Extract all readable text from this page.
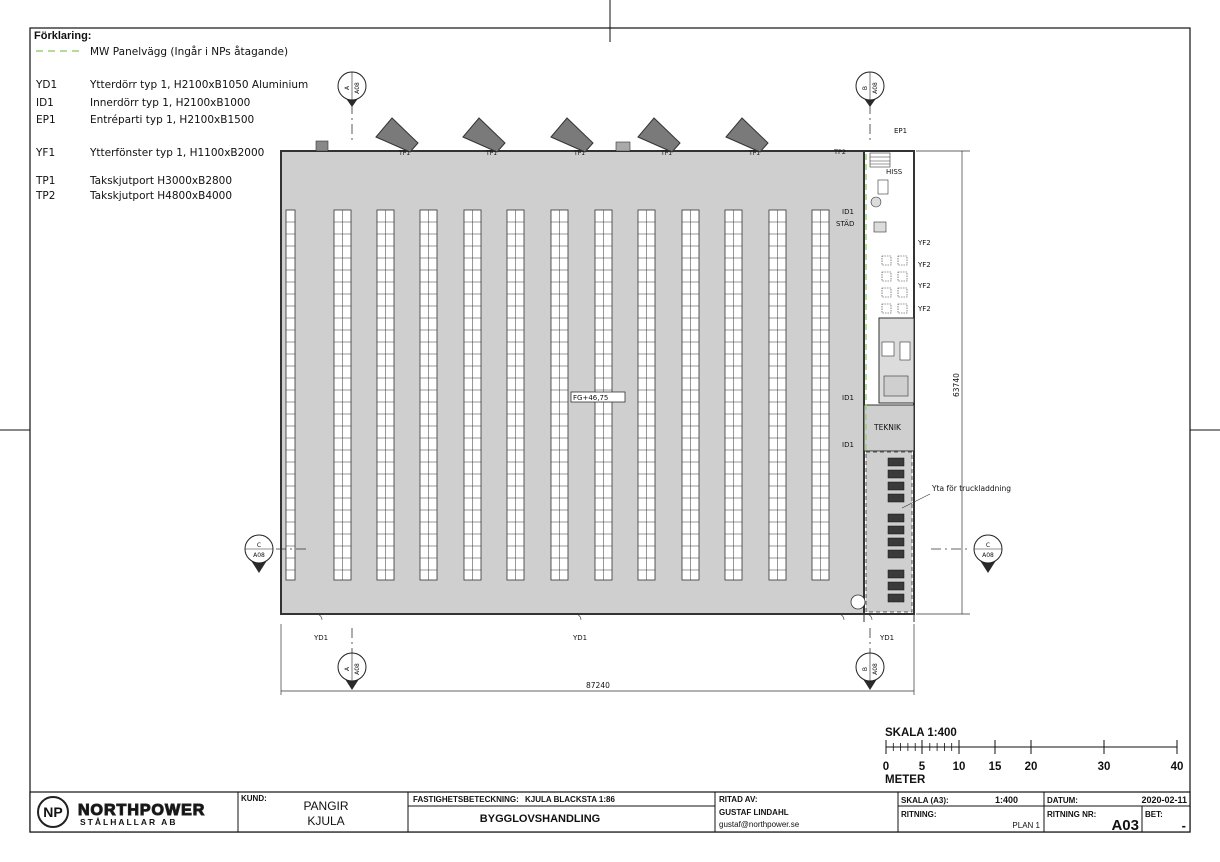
Förklaring:
MW Panelvägg (Ingår i NPs åtagande)
YD1	Ytterdörr typ 1, H2100xB1050 Aluminium
ID1	Innerdörr typ 1, H2100xB1000
EP1	Entréparti typ 1, H2100xB1500
YF1	Ytterfönster typ 1, H1100xB2000
TP1	Takskjutport H3000xB2800
TP2	Takskjutport H4800xB4000
TP1	TP1	TP1	TP1	TP1	TP2
EP1
FG+46,75
HISS
ID1
STÄD
YF2
YF2
YF2
YF2
ID1
TEKNIK
ID1
Yta för truckladdning
YD1	YD1	YD1
87240
63740
A A08	B A08
A A08	B A08
C
A08
C
A08
SKALA 1:400
0	5 10 15 20	30	40
METER
NP NORTHPOWER
STÅLHALLAR AB
KUND:
PANGIR
KJULA
FASTIGHETSBETECKNING: KJULA BLACKSTA 1:86
BYGGLOVSHANDLING
RITAD AV:
GUSTAF LINDAHL
gustaf@northpower.se
SKALA (A3):	1:400
RITNING:
PLAN 1
DATUM:	2020-02-11
RITNING NR:
A03
BET:
-
